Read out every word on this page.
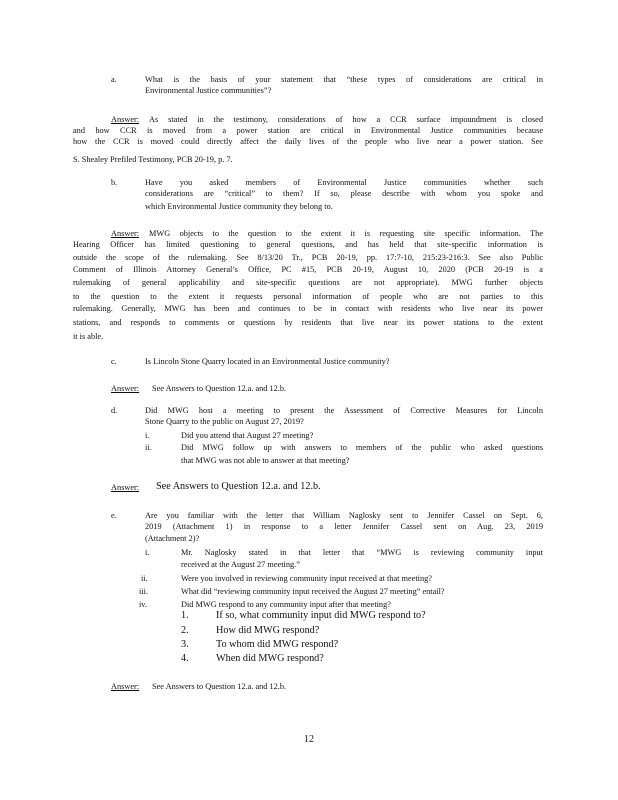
a.	What is the basis of your statement that “these types of considerations are critical in
Environmental Justice communities”?
Answer: As stated in the testimony, considerations of how a CCR surface impoundment is closed
and how CCR is moved from a power station are critical in Environmental Justice communities because
how the CCR is moved could directly affect the daily lives of the people who live near a power station. See
S. Shealey Prefiled Testimony, PCB 20-19, p. 7.
b.	Have you asked members of Environmental Justice communities whether such
considerations are “critical” to them? If so, please describe with whom you spoke and
which Environmental Justice community they belong to.
Answer: MWG objects to the question to the extent it is requesting site specific information. The
Hearing Officer has limited questioning to general questions, and has held that site-specific information is
outside the scope of the rulemaking. See 8/13/20 Tr., PCB 20-19, pp. 17:7-10, 215:23-216:3. See also Public
Comment of Illinois Attorney General’s Office, PC #15, PCB 20-19, August 10, 2020 (PCB 20-19 is a
rulemaking of general applicability and site-specific questions are not appropriate). MWG further objects
to the question to the extent it requests personal information of people who are not parties to this
rulemaking. Generally, MWG has been and continues to be in contact with residents who live near its power
stations, and responds to comments or questions by residents that live near its power stations to the extent
it is able.
c.	Is Lincoln Stone Quarry located in an Environmental Justice community?
Answer: See Answers to Question 12.a. and 12.b.
d.	Did MWG host a meeting to present the Assessment of Corrective Measures for Lincoln
Stone Quarry to the public on August 27, 2019?
i.	Did you attend that August 27 meeting?
ii.	Did MWG follow up with answers to members of the public who asked questions
that MWG was not able to answer at that meeting?
Answer: See Answers to Question 12.a. and 12.b.
e.	Are you familiar with the letter that William Naglosky sent to Jennifer Cassel on Sept. 6,
2019 (Attachment 1) in response to a letter Jennifer Cassel sent on Aug. 23, 2019
(Attachment 2)?
i.	Mr. Naglosky stated in that letter that “MWG is reviewing community input
received at the August 27 meeting.”
ii.	Were you involved in reviewing community input received at that meeting?
iii.	What did “reviewing community input received the August 27 meeting” entail?
iv.	Did MWG respond to any community input after that meeting?
1.	If so, what community input did MWG respond to?
2.	How did MWG respond?
3.	To whom did MWG respond?
4.	When did MWG respond?
Answer: See Answers to Question 12.a. and 12.b.
12
